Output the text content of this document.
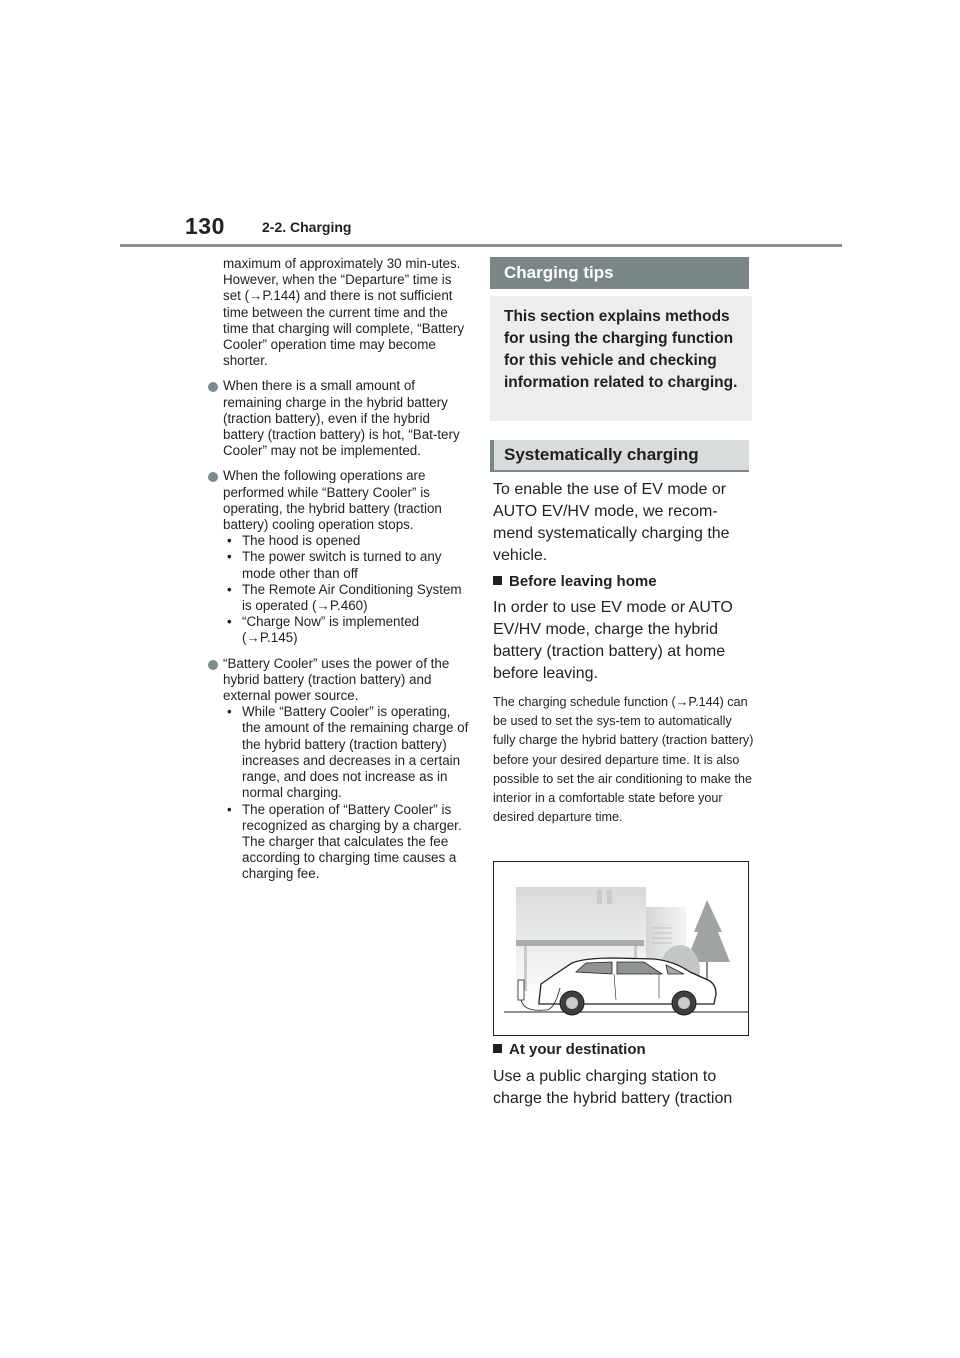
130	2-2. Charging

maximum of approximately 30 min-utes. However, when the “Departure” time is set (→P.144) and there is not sufficient time between the current time and the time that charging will complete, “Battery Cooler” operation time may become shorter.

When there is a small amount of remaining charge in the hybrid battery (traction battery), even if the hybrid battery (traction battery) is hot, “Bat-tery Cooler” may not be implemented.

When the following operations are performed while “Battery Cooler” is operating, the hybrid battery (traction battery) cooling operation stops.

• The hood is opened
• The power switch is turned to any mode other than off
• The Remote Air Conditioning System is operated (→P.460)
• “Charge Now” is implemented (→P.145)

“Battery Cooler” uses the power of the hybrid battery (traction battery) and external power source.

• While “Battery Cooler” is operating, the amount of the remaining charge of the hybrid battery (traction battery) increases and decreases in a certain range, and does not increase as in normal charging.
• The operation of “Battery Cooler” is recognized as charging by a charger. The charger that calculates the fee according to charging time causes a charging fee.
Charging tips
This section explains methods for using the charging function for this vehicle and checking information related to charging.
Systematically charging
To enable the use of EV mode or AUTO EV/HV mode, we recom-mend systematically charging the vehicle.
Before leaving home
In order to use EV mode or AUTO EV/HV mode, charge the hybrid battery (traction battery) at home before leaving.
The charging schedule function (→P.144) can be used to set the sys-tem to automatically fully charge the hybrid battery (traction battery) before your desired departure time. It is also possible to set the air conditioning to make the interior in a comfortable state before your desired departure time.
At your destination
Use a public charging station to charge the hybrid battery (traction
